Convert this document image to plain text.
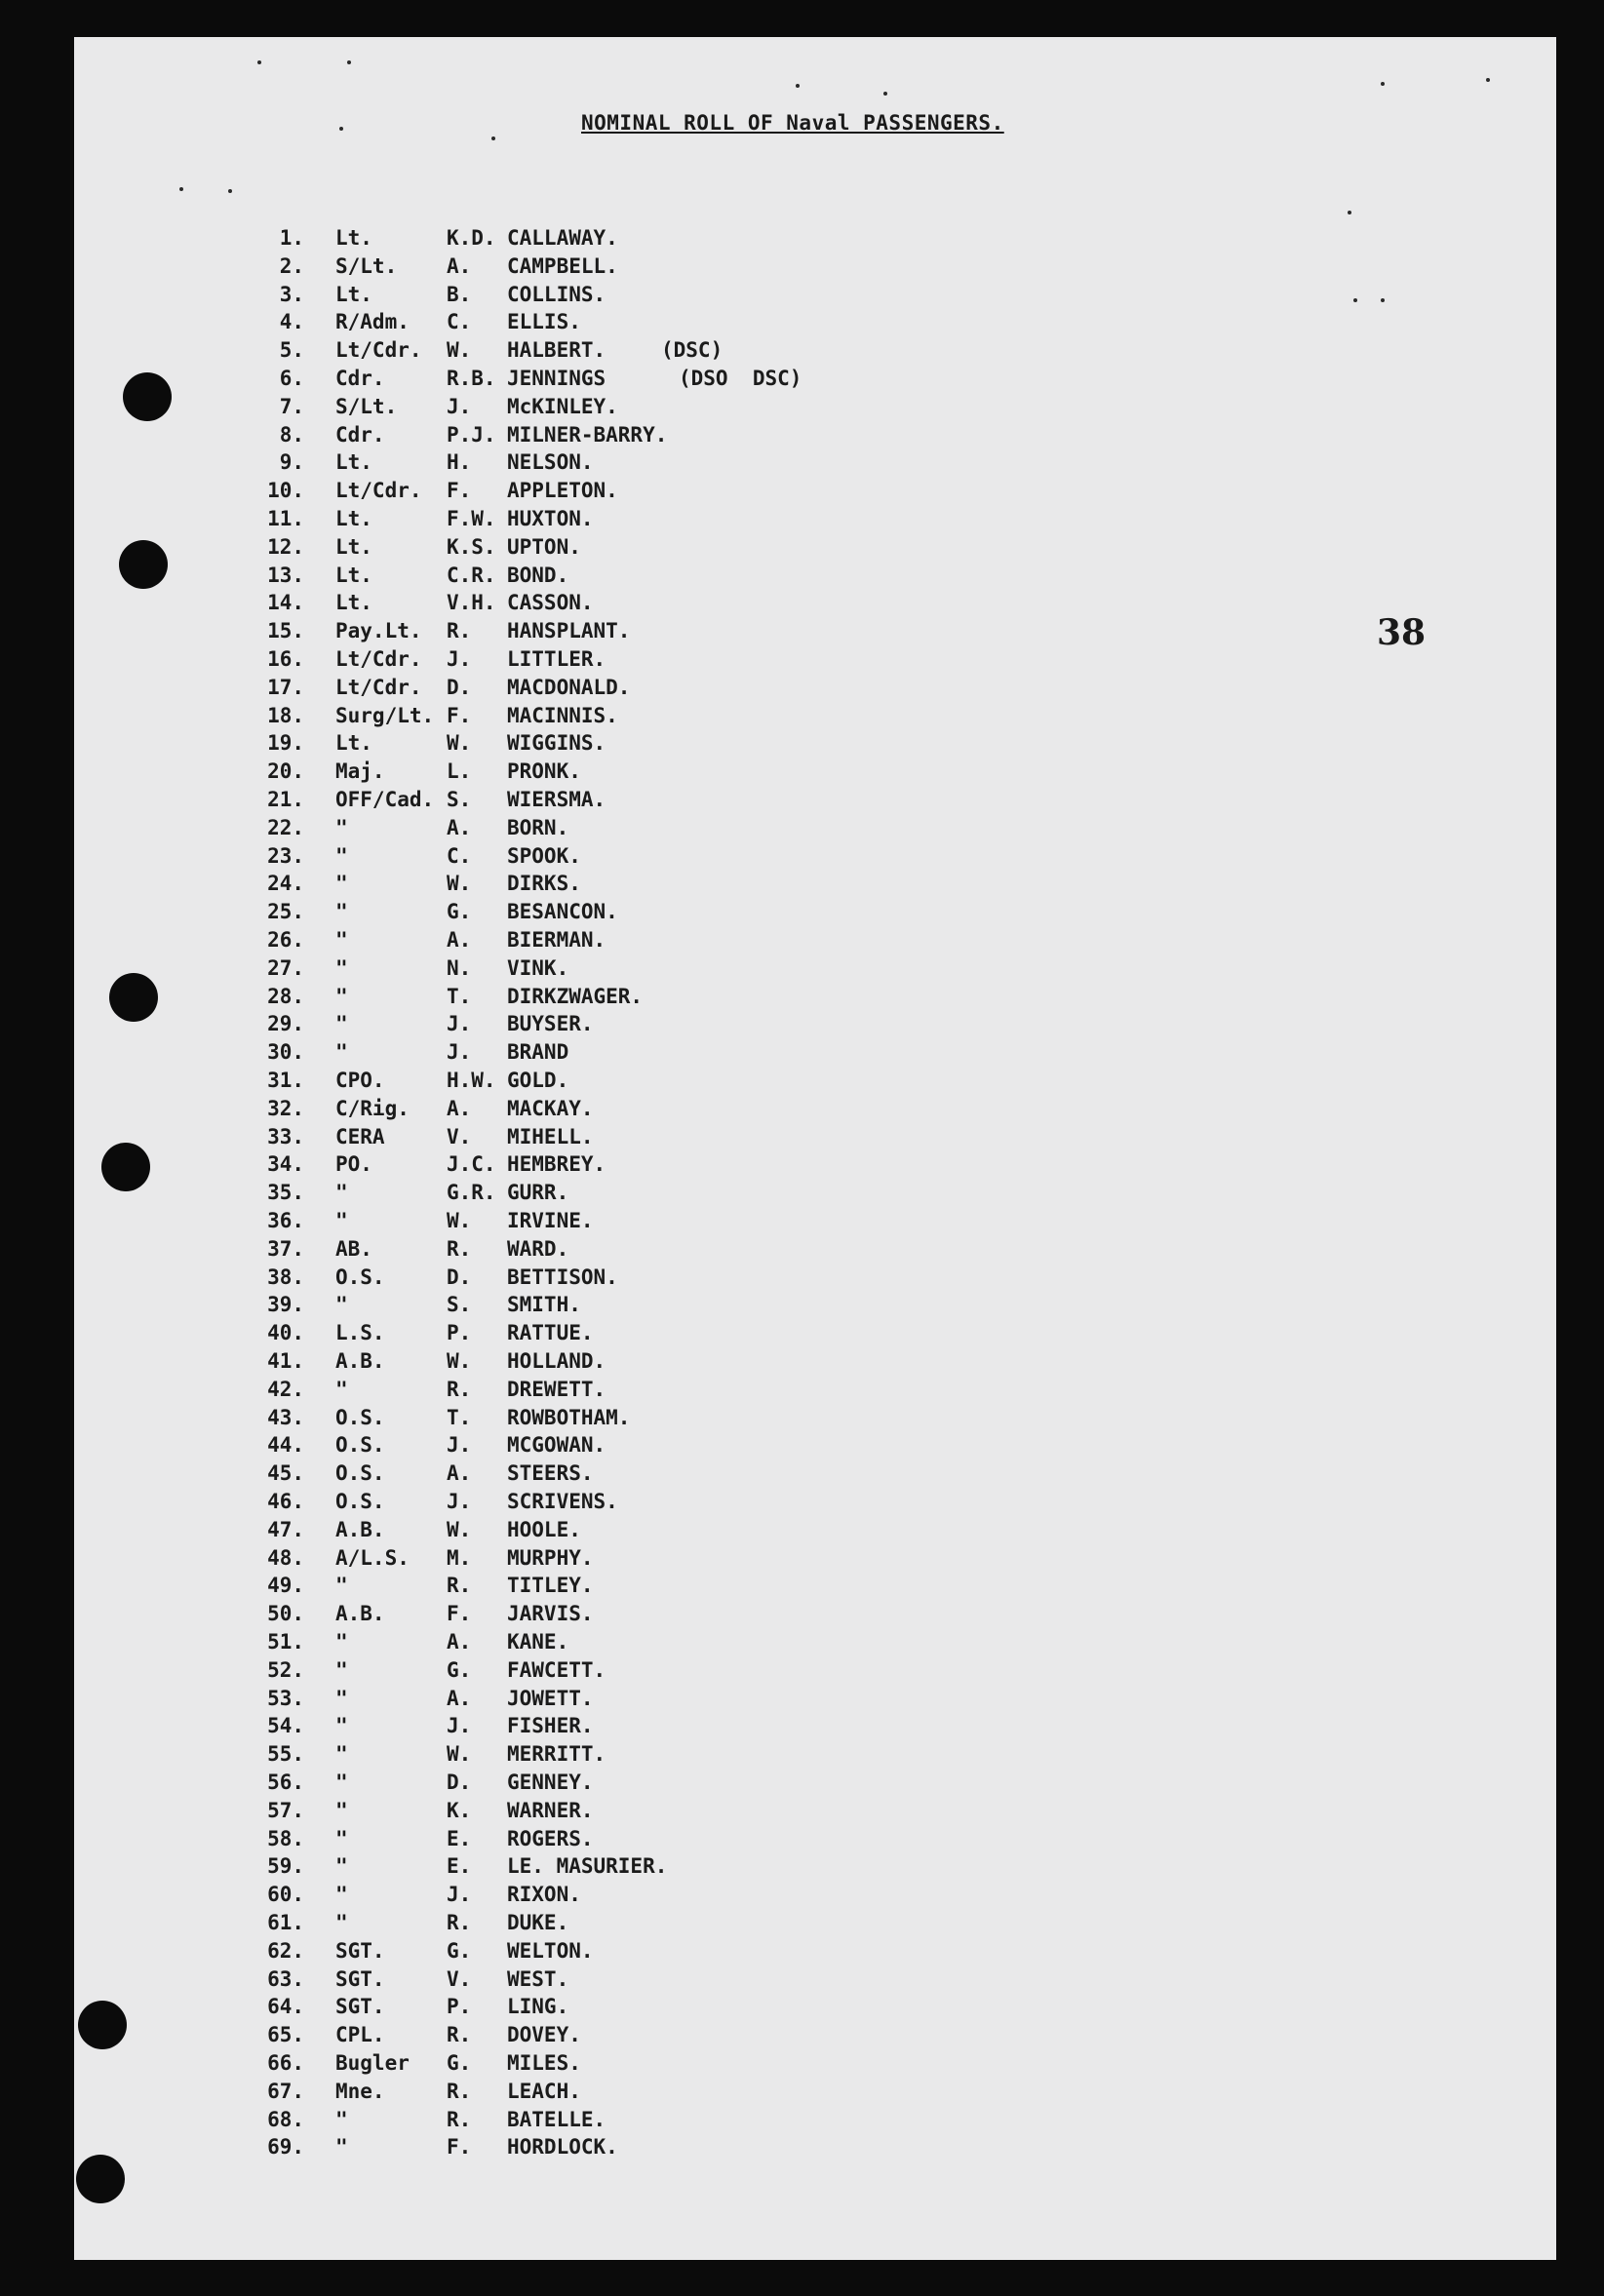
NOMINAL ROLL OF Naval PASSENGERS.
38
1. Lt.	K.D. CALLAWAY.
2. S/Lt. A. CAMPBELL.
3. Lt.	B. COLLINS.
4. R/Adm. C. ELLIS.
5. Lt/Cdr. W. HALBERT.	(DSC)
6. Cdr.	R.B. JENNINGS	(DSO  DSC)
7. S/Lt. J. McKINLEY.
8. Cdr.	P.J. MILNER-BARRY.
9. Lt.	H. NELSON.
10. Lt/Cdr. F. APPLETON.
11. Lt.	F.W. HUXTON.
12. Lt.	K.S. UPTON.
13. Lt.	C.R. BOND.
14. Lt.	V.H. CASSON.
15. Pay.Lt. R. HANSPLANT.
16. Lt/Cdr. J. LITTLER.
17. Lt/Cdr. D. MACDONALD.
18. Surg/Lt. F. MACINNIS.
19. Lt.	W. WIGGINS.
20. Maj.	L. PRONK.
21. OFF/Cad. S. WIERSMA.
22. "	A. BORN.
23. "	C. SPOOK.
24. "	W. DIRKS.
25. "	G. BESANCON.
26. "	A. BIERMAN.
27. "	N. VINK.
28. "	T. DIRKZWAGER.
29. "	J. BUYSER.
30. "	J. BRAND
31. CPO.	H.W. GOLD.
32. C/Rig. A. MACKAY.
33. CERA	V. MIHELL.
34. PO.	J.C. HEMBREY.
35. "	G.R. GURR.
36. "	W. IRVINE.
37. AB.	R. WARD.
38. O.S.	D. BETTISON.
39. "	S. SMITH.
40. L.S.	P. RATTUE.
41. A.B.	W. HOLLAND.
42. "	R. DREWETT.
43. O.S.	T. ROWBOTHAM.
44. O.S.	J. MCGOWAN.
45. O.S.	A. STEERS.
46. O.S.	J. SCRIVENS.
47. A.B.	W. HOOLE.
48. A/L.S. M. MURPHY.
49. "	R. TITLEY.
50. A.B.	F. JARVIS.
51. "	A. KANE.
52. "	G. FAWCETT.
53. "	A. JOWETT.
54. "	J. FISHER.
55. "	W. MERRITT.
56. "	D. GENNEY.
57. "	K. WARNER.
58. "	E. ROGERS.
59. "	E. LE. MASURIER.
60. "	J. RIXON.
61. "	R. DUKE.
62. SGT.	G. WELTON.
63. SGT.	V. WEST.
64. SGT.	P. LING.
65. CPL.	R. DOVEY.
66. Bugler G. MILES.
67. Mne.	R. LEACH.
68. "	R. BATELLE.
69. "	F. HORDLOCK.
